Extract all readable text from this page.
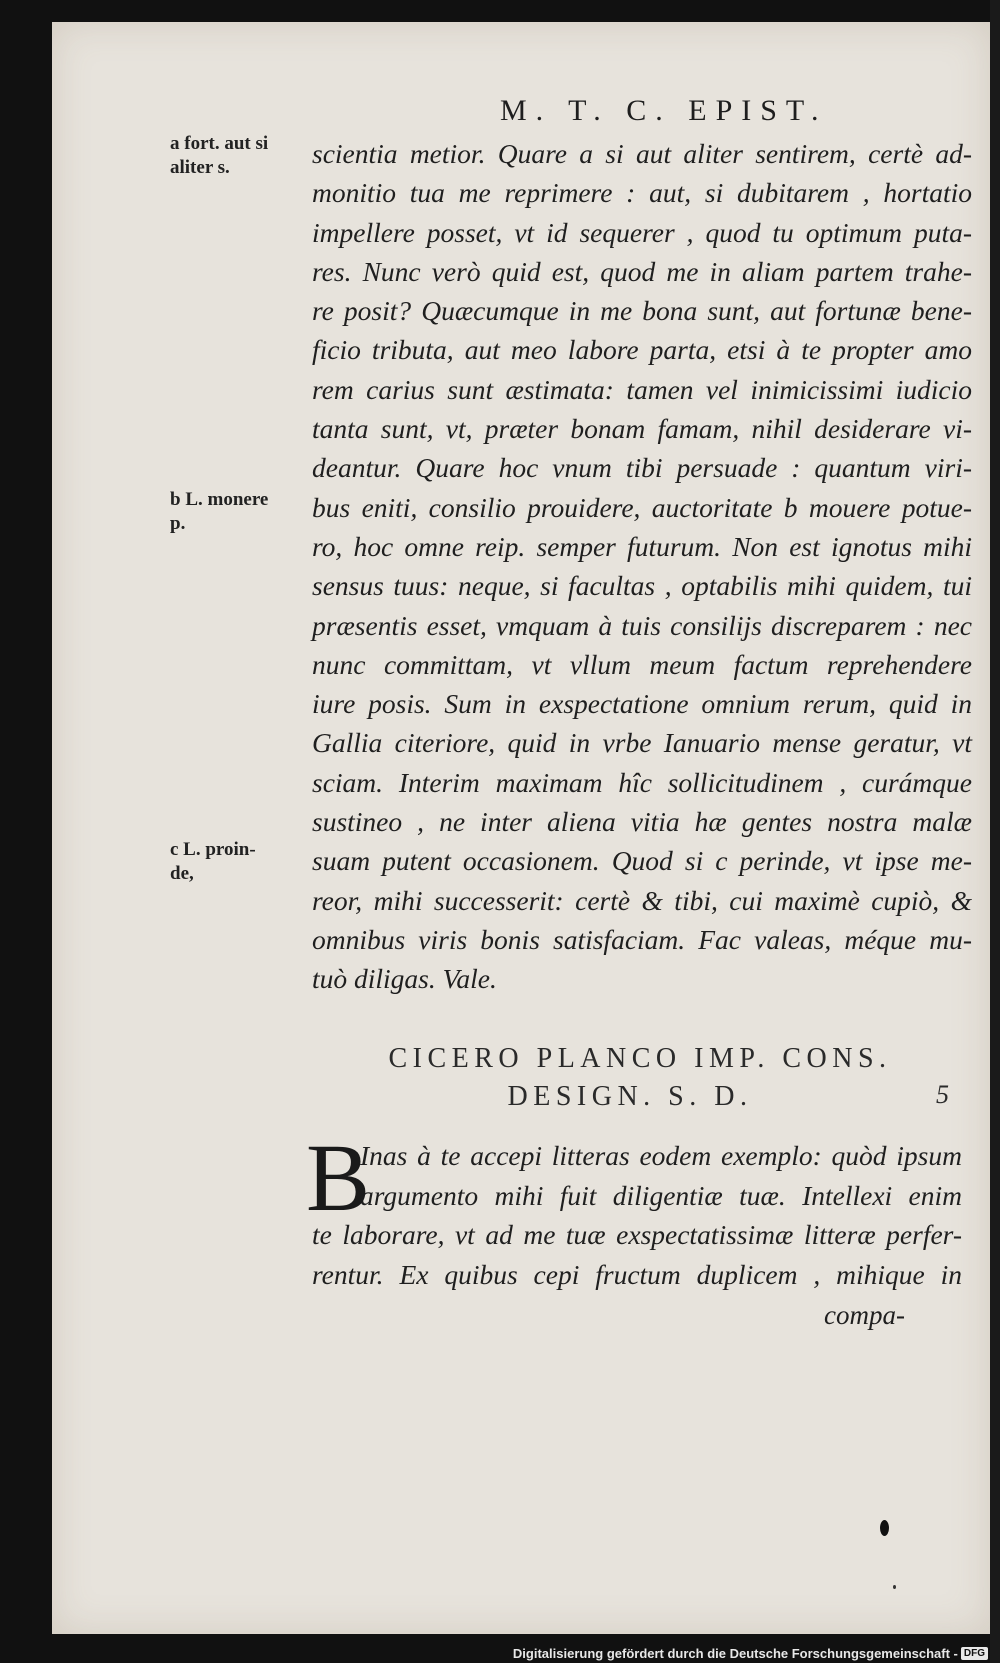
M. T. C. EPIST.
a fort. aut si
aliter s.
b L. monere
p.
c L. proin-
de,
scientia metior. Quare a si aut aliter sentirem, certè ad-
monitio tua me reprimere : aut, si dubitarem , hortatio
impellere posset, vt id sequerer , quod tu optimum puta-
res. Nunc verò quid est, quod me in aliam partem trahe-
re posit? Quæcumque in me bona sunt, aut fortunæ bene-
ficio tributa, aut meo labore parta, etsi à te propter amo
rem carius sunt æstimata: tamen vel inimicissimi iudicio
tanta sunt, vt, præter bonam famam, nihil desiderare vi-
deantur. Quare hoc vnum tibi persuade : quantum viri-
bus eniti, consilio prouidere, auctoritate b mouere potue-
ro, hoc omne reip. semper futurum. Non est ignotus mihi
sensus tuus: neque, si facultas , optabilis mihi quidem, tui
præsentis esset, vmquam à tuis consilijs discreparem : nec
nunc committam, vt vllum meum factum reprehendere
iure posis. Sum in exspectatione omnium rerum, quid in
Gallia citeriore, quid in vrbe Ianuario mense geratur, vt
sciam. Interim maximam hîc sollicitudinem , curámque
sustineo , ne inter aliena vitia hæ gentes nostra malæ
suam putent occasionem. Quod si c perinde, vt ipse me-
reor, mihi successerit: certè & tibi, cui maximè cupiò, &
omnibus viris bonis satisfaciam. Fac valeas, méque mu-
tuò diligas. Vale.
CICERO PLANCO IMP. CONS.
DESIGN. S. D.	5
B
Inas à te accepi litteras eodem exemplo: quòd ipsum
argumento mihi fuit diligentiæ tuæ. Intellexi enim
te laborare, vt ad me tuæ exspectatissimæ litteræ perfer-
rentur. Ex quibus cepi fructum duplicem , mihique in
compa-
Digitalisierung gefördert durch die Deutsche Forschungsgemeinschaft - DFG
